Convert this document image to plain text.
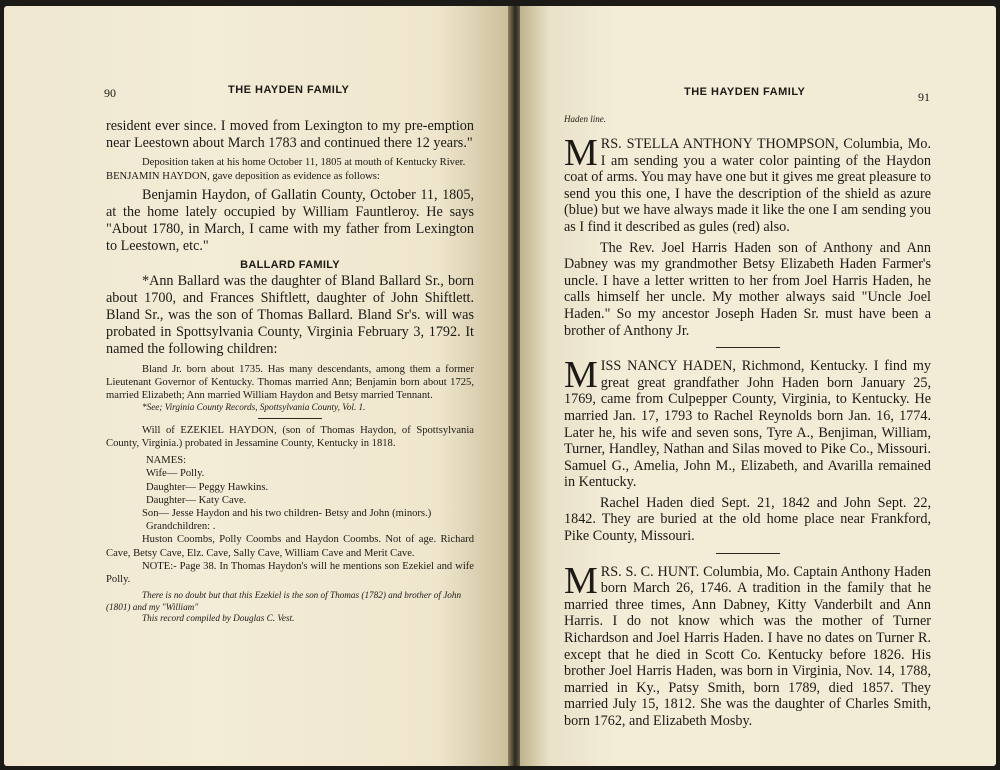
90	THE HAYDEN FAMILY

resident ever since. I moved from Lexington to my pre-emption near Leestown about March 1783 and continued there 12 years."

Deposition taken at his home October 11, 1805 at mouth of Kentucky River.

BENJAMIN HAYDON, gave deposition as evidence as follows:

Benjamin Haydon, of Gallatin County, October 11, 1805, at the home lately occupied by William Fauntleroy. He says "About 1780, in March, I came with my father from Lexington to Leestown, etc."

BALLARD FAMILY

*Ann Ballard was the daughter of Bland Ballard Sr., born about 1700, and Frances Shiftlett, daughter of John Shiftlett. Bland Sr., was the son of Thomas Ballard. Bland Sr's. will was probated in Spottsylvania County, Virginia February 3, 1792. It named the following children:

Bland Jr. born about 1735. Has many descendants, among them a former Lieutenant Governor of Kentucky. Thomas married Ann; Benjamin born about 1725, married Elizabeth; Ann married William Haydon and Betsy married Tennant.

*See; Virginia County Records, Spottsylvania County, Vol. 1.

Will of EZEKIEL HAYDON, (son of Thomas Haydon, of Spottsylvania County, Virginia.) probated in Jessamine County, Kentucky in 1818.

NAMES:
Wife— Polly.
Daughter— Peggy Hawkins.
Daughter— Katy Cave.
Son— Jesse Haydon and his two children- Betsy and John (minors.)
Grandchildren: .
Huston Coombs, Polly Coombs and Haydon Coombs. Not of age. Richard Cave, Betsy Cave, Elz. Cave, Sally Cave, William Cave and Merit Cave.
NOTE:- Page 38. In Thomas Haydon's will he mentions son Ezekiel and wife Polly.

There is no doubt but that this Ezekiel is the son of Thomas (1782) and brother of John (1801) and my "William"

This record compiled by Douglas C. Vest.

THE HAYDEN FAMILY	91

Haden line.

MRS. STELLA ANTHONY THOMPSON, Columbia, Mo. I am sending you a water color painting of the Haydon coat of arms. You may have one but it gives me great pleasure to send you this one, I have the description of the shield as azure (blue) but we have always made it like the one I am sending you as I find it described as gules (red) also.

The Rev. Joel Harris Haden son of Anthony and Ann Dabney was my grandmother Betsy Elizabeth Haden Farmer's uncle. I have a letter written to her from Joel Harris Haden, he calls himself her uncle. My mother always said "Uncle Joel Haden." So my ancestor Joseph Haden Sr. must have been a brother of Anthony Jr.

MISS NANCY HADEN, Richmond, Kentucky. I find my great great grandfather John Haden born January 25, 1769, came from Culpepper County, Virginia, to Kentucky. He married Jan. 17, 1793 to Rachel Reynolds born Jan. 16, 1774. Later he, his wife and seven sons, Tyre A., Benjiman, William, Turner, Handley, Nathan and Silas moved to Pike Co., Missouri. Samuel G., Amelia, John M., Elizabeth, and Avarilla remained in Kentucky.

Rachel Haden died Sept. 21, 1842 and John Sept. 22, 1842. They are buried at the old home place near Frankford, Pike County, Missouri.

MRS. S. C. HUNT. Columbia, Mo. Captain Anthony Haden born March 26, 1746. A tradition in the family that he married three times, Ann Dabney, Kitty Vanderbilt and Ann Harris. I do not know which was the mother of Turner Richardson and Joel Harris Haden. I have no dates on Turner R. except that he died in Scott Co. Kentucky before 1826. His brother Joel Harris Haden, was born in Virginia, Nov. 14, 1788, married in Ky., Patsy Smith, born 1789, died 1857. They married July 15, 1812. She was the daughter of Charles Smith, born 1762, and Elizabeth Mosby.
